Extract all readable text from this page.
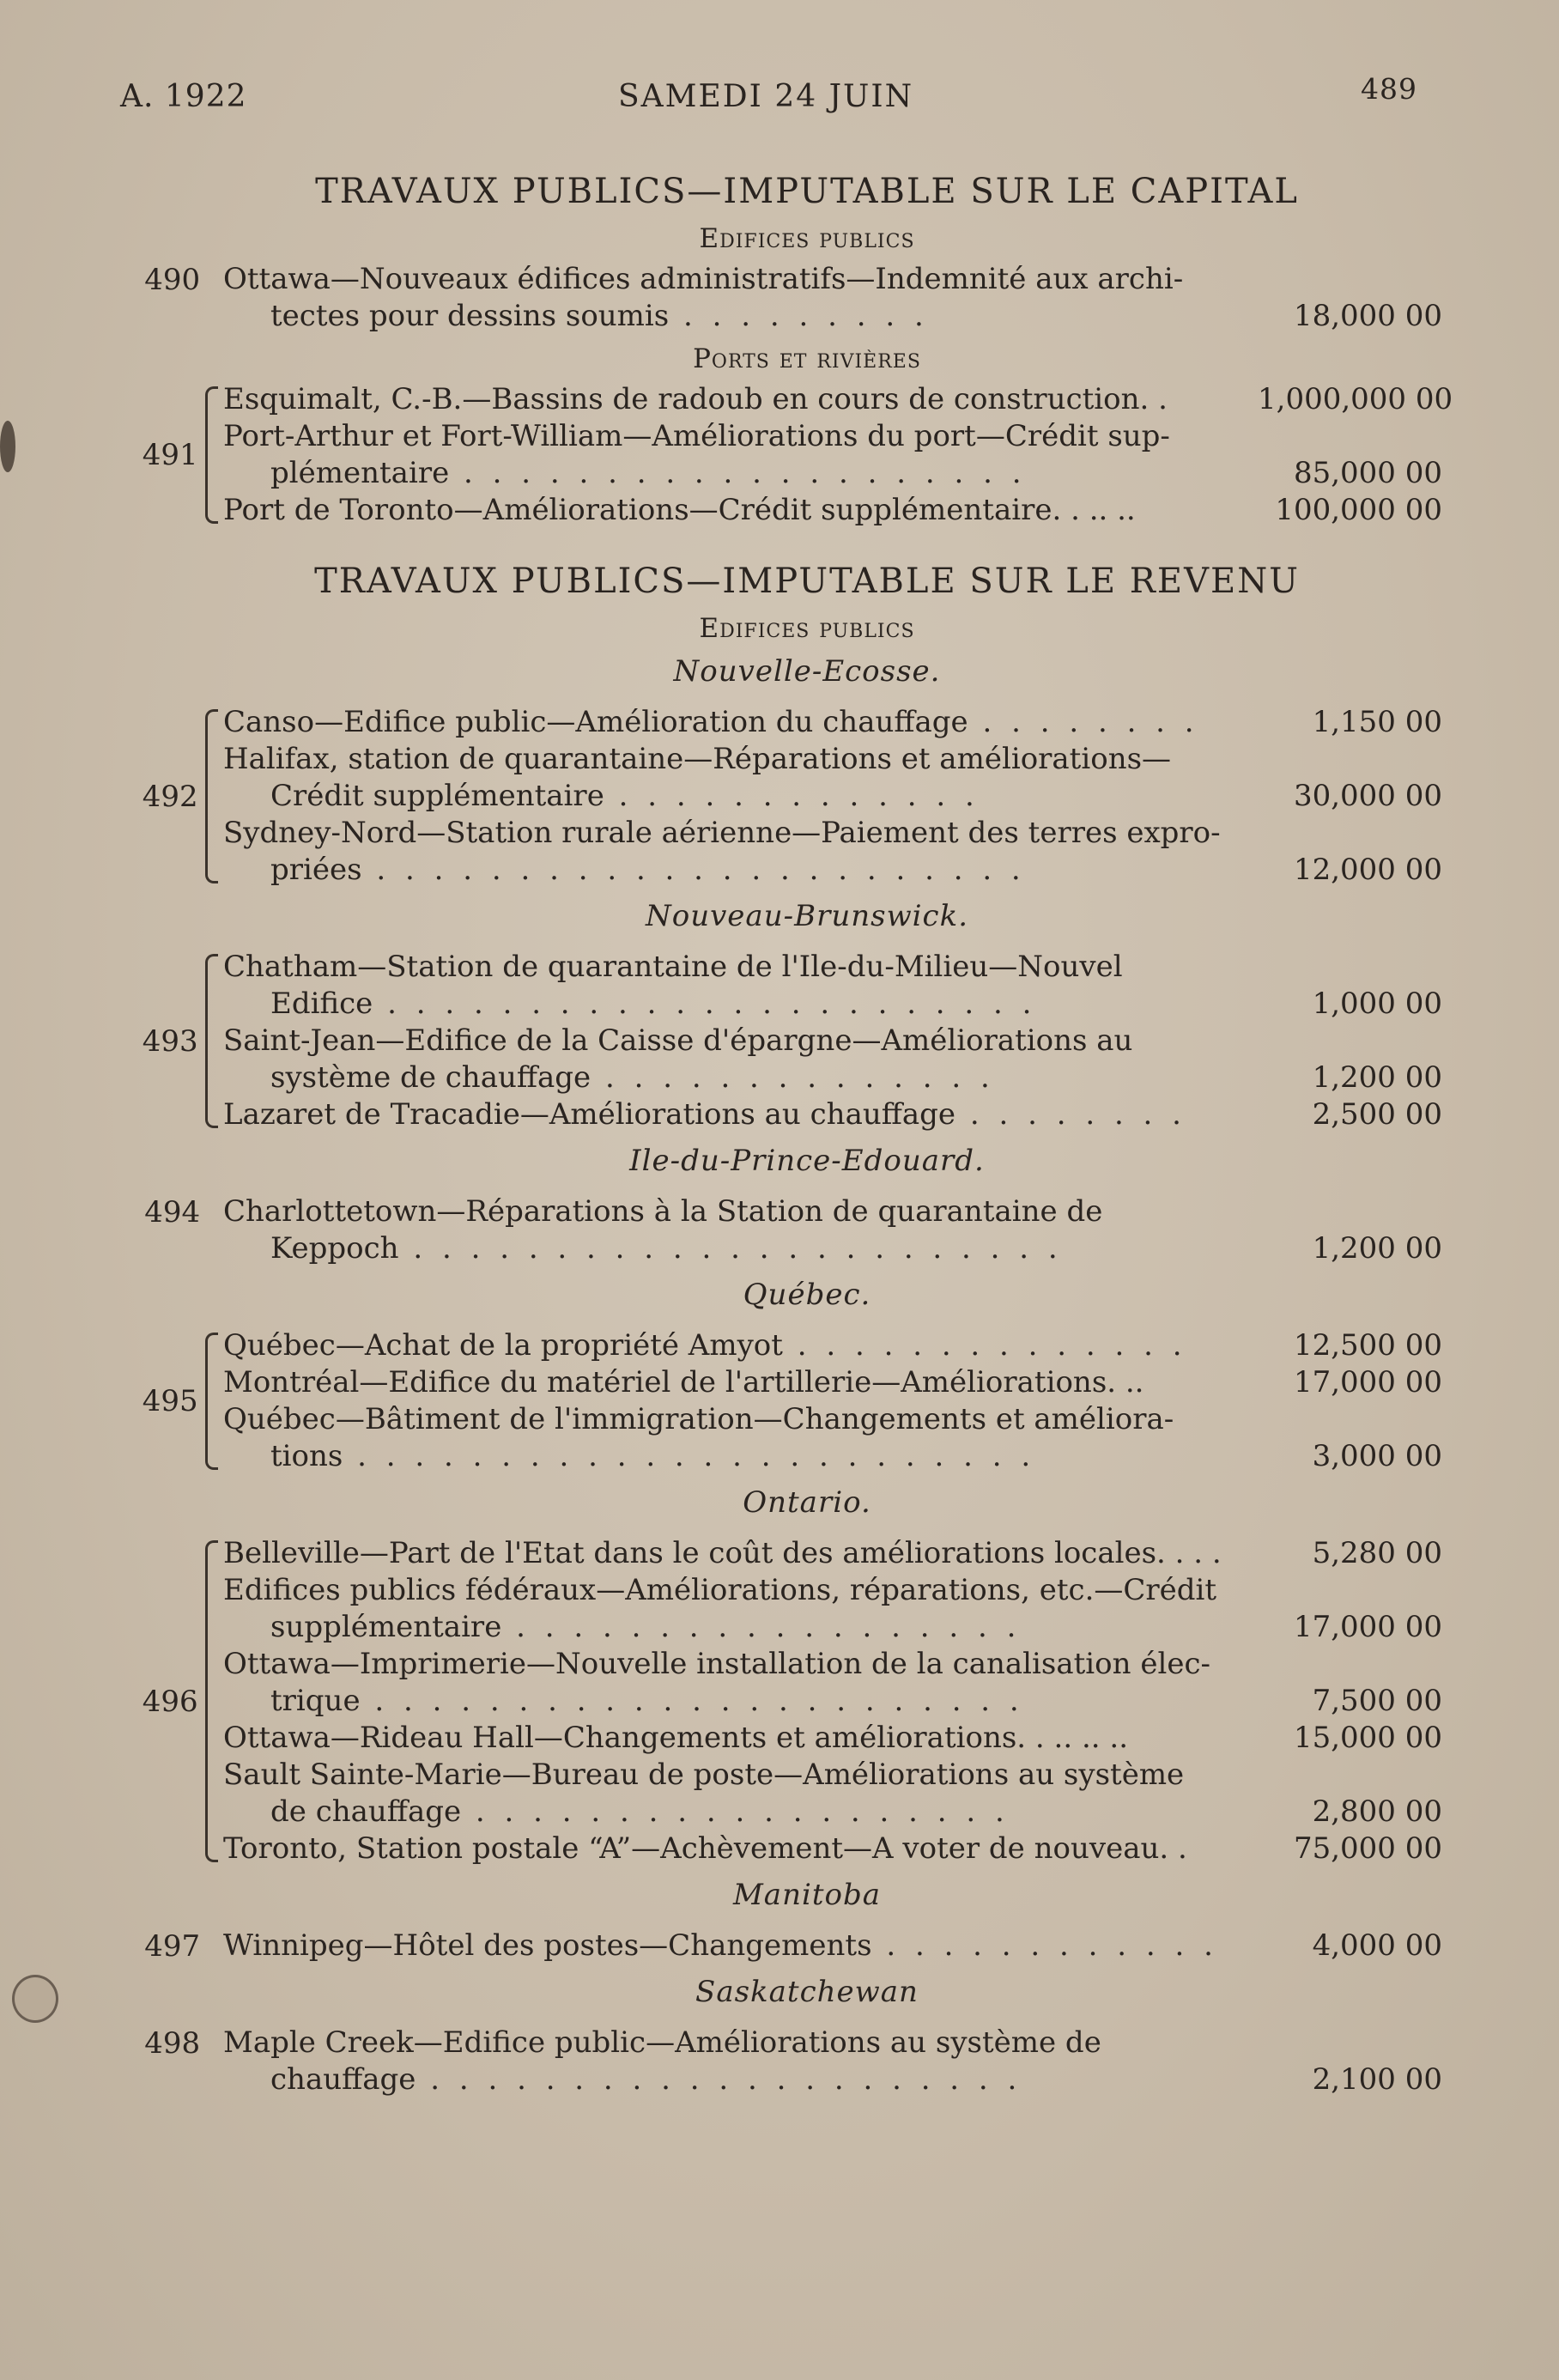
A. 1922	SAMEDI 24 JUIN	489
TRAVAUX PUBLICS—IMPUTABLE SUR LE CAPITAL
Edifices publics
490 Ottawa—Nouveaux édifices administratifs—Indemnité aux archi-
tectes pour dessins soumis . . . . . . . . .	18,000 00
Ports et rivières
491
Esquimalt, C.-B.—Bassins de radoub en cours de construction. .	1,000,000 00
Port-Arthur et Fort-William—Améliorations du port—Crédit sup-
plémentaire . . . . . . . . . . . . . . . . . . . .	85,000 00
Port de Toronto—Améliorations—Crédit supplémentaire. . .. ..	100,000 00
TRAVAUX PUBLICS—IMPUTABLE SUR LE REVENU
Edifices publics
Nouvelle-Ecosse.
492
Canso—Edifice public—Amélioration du chauffage . . . . . . . .	1,150 00
Halifax, station de quarantaine—Réparations et améliorations—
Crédit supplémentaire . . . . . . . . . . . . .	30,000 00
Sydney-Nord—Station rurale aérienne—Paiement des terres expro-
priées . . . . . . . . . . . . . . . . . . . . . . .	12,000 00
Nouveau-Brunswick.
493
Chatham—Station de quarantaine de l'Ile-du-Milieu—Nouvel
Edifice . . . . . . . . . . . . . . . . . . . . . . .	1,000 00
Saint-Jean—Edifice de la Caisse d'épargne—Améliorations au
système de chauffage . . . . . . . . . . . . . .	1,200 00
Lazaret de Tracadie—Améliorations au chauffage . . . . . . . .	2,500 00
Ile-du-Prince-Edouard.
494 Charlottetown—Réparations à la Station de quarantaine de
Keppoch . . . . . . . . . . . . . . . . . . . . . . .	1,200 00
Québec.
495
Québec—Achat de la propriété Amyot . . . . . . . . . . . . . .	12,500 00
Montréal—Edifice du matériel de l'artillerie—Améliorations. ..	17,000 00
Québec—Bâtiment de l'immigration—Changements et améliora-
tions . . . . . . . . . . . . . . . . . . . . . . . .	3,000 00
Ontario.
496
Belleville—Part de l'Etat dans le coût des améliorations locales. . . .	5,280 00
Edifices publics fédéraux—Améliorations, réparations, etc.—Crédit
supplémentaire . . . . . . . . . . . . . . . . . .	17,000 00
Ottawa—Imprimerie—Nouvelle installation de la canalisation élec-
trique . . . . . . . . . . . . . . . . . . . . . . .	7,500 00
Ottawa—Rideau Hall—Changements et améliorations. . .. .. ..	15,000 00
Sault Sainte-Marie—Bureau de poste—Améliorations au système
de chauffage . . . . . . . . . . . . . . . . . . .	2,800 00
Toronto, Station postale “A”—Achèvement—A voter de nouveau. .	75,000 00
Manitoba
497 Winnipeg—Hôtel des postes—Changements . . . . . . . . . . . .	4,000 00
Saskatchewan
498 Maple Creek—Edifice public—Améliorations au système de
chauffage . . . . . . . . . . . . . . . . . . . . .	2,100 00
